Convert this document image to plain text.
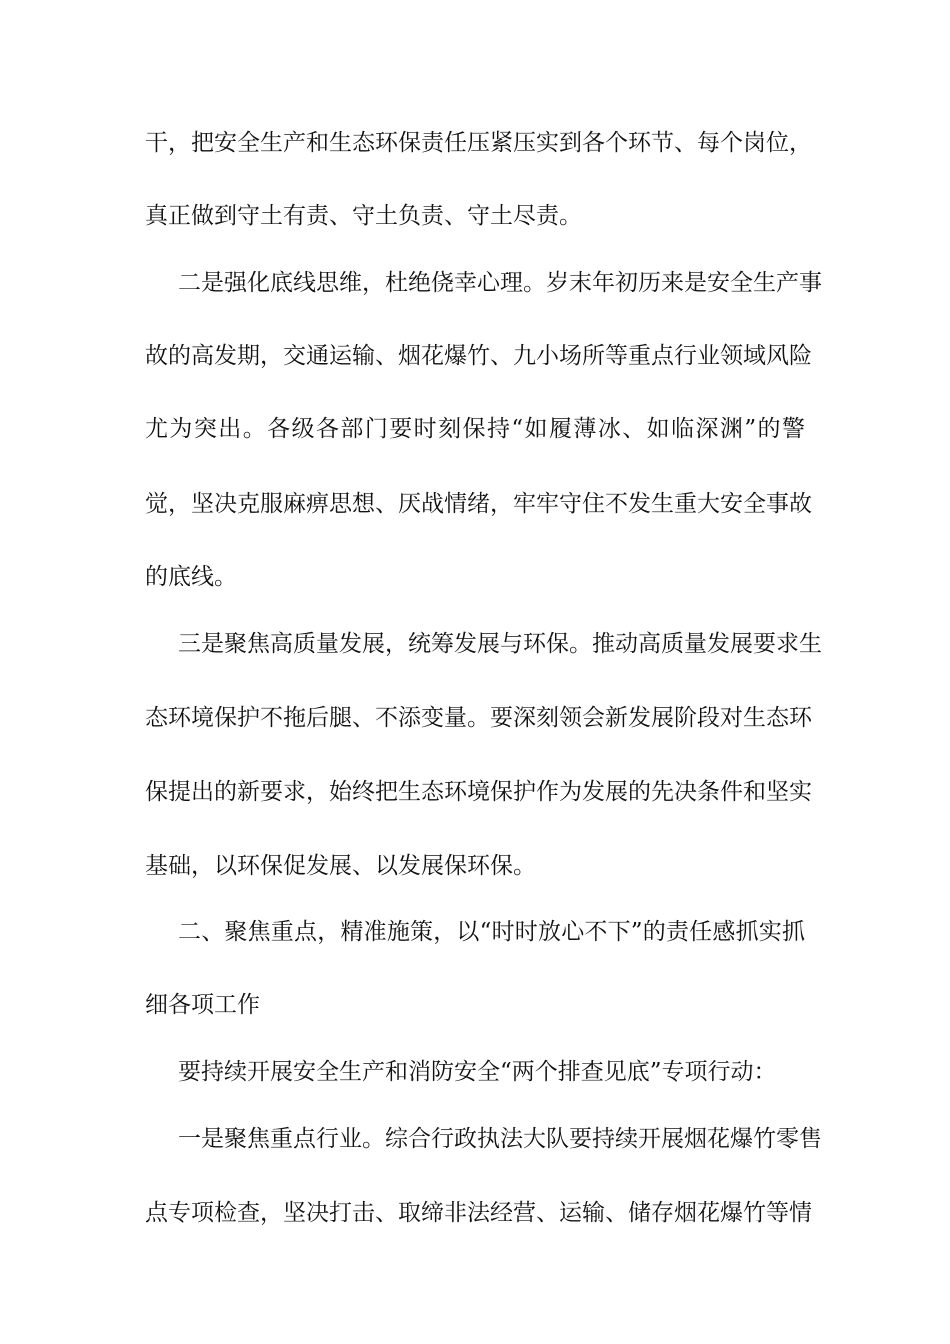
干，把安全生产和生态环保责任压紧压实到各个环节、每个岗位，
真正做到守土有责、守土负责、守土尽责。
二是强化底线思维，杜绝侥幸心理。岁末年初历来是安全生产事
故的高发期，交通运输、烟花爆竹、九小场所等重点行业领域风险
尤为突出。各级各部门要时刻保持“如履薄冰、如临深渊”的警
觉，坚决克服麻痹思想、厌战情绪，牢牢守住不发生重大安全事故
的底线。
三是聚焦高质量发展，统筹发展与环保。推动高质量发展要求生
态环境保护不拖后腿、不添变量。要深刻领会新发展阶段对生态环
保提出的新要求，始终把生态环境保护作为发展的先决条件和坚实
基础，以环保促发展、以发展保环保。
二、聚焦重点，精准施策，以“时时放心不下”的责任感抓实抓
细各项工作
要持续开展安全生产和消防安全“两个排查见底”专项行动：
一是聚焦重点行业。综合行政执法大队要持续开展烟花爆竹零售
点专项检查，坚决打击、取缔非法经营、运输、储存烟花爆竹等情
